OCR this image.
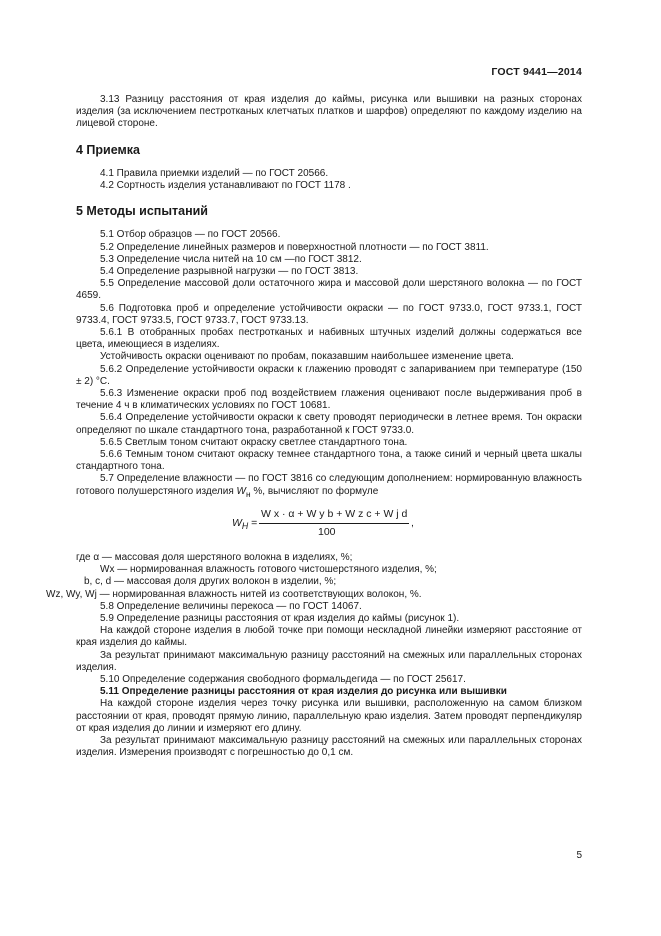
ГОСТ 9441—2014

3.13 Разницу расстояния от края изделия до каймы, рисунка или вышивки на разных сторонах изделия (за исключением пестротканых клетчатых платков и шарфов) определяют по каждому изделию на лицевой стороне.

4 Приемка

4.1 Правила приемки изделий — по ГОСТ 20566.

4.2 Сортность изделия устанавливают по ГОСТ 1178 .

5 Методы испытаний

5.1 Отбор образцов — по ГОСТ 20566.

5.2 Определение линейных размеров и поверхностной плотности — по ГОСТ 3811.

5.3 Определение числа нитей на 10 см —по ГОСТ 3812.

5.4 Определение разрывной нагрузки — по ГОСТ 3813.

5.5 Определение массовой доли остаточного жира и массовой доли шерстяного волокна — по ГОСТ 4659.

5.6 Подготовка проб и определение устойчивости окраски — по ГОСТ 9733.0, ГОСТ 9733.1, ГОСТ 9733.4, ГОСТ 9733.5, ГОСТ 9733.7, ГОСТ 9733.13.

5.6.1 В отобранных пробах пестротканых и набивных штучных изделий должны содержаться все цвета, имеющиеся в изделиях.

Устойчивость окраски оценивают по пробам, показавшим наибольшее изменение цвета.

5.6.2 Определение устойчивости окраски к глажению проводят с запариванием при температуре (150 ± 2) °С.

5.6.3 Изменение окраски проб под воздействием глажения оценивают после выдерживания проб в течение 4 ч в климатических условиях по ГОСТ 10681.

5.6.4 Определение устойчивости окраски к свету проводят периодически в летнее время. Тон окраски определяют по шкале стандартного тона, разработанной к ГОСТ 9733.0.

5.6.5 Светлым тоном считают окраску светлее стандартного тона.

5.6.6 Темным тоном считают окраску темнее стандартного тона, а также синий и черный цвета шкалы стандартного тона.

5.7 Определение влажности — по ГОСТ 3816 со следующим дополнением: нормированную влажность готового полушерстяного изделия $W_н$ %, вычисляют по формуле

$W_H$ =
W x · α + W y b + W z c + W j d
100
,

где α — массовая доля шерстяного волокна в изделиях, %;

Wх — нормированная влажность готового чистошерстяного изделия, %;

b, c, d — массовая доля других волокон в изделии, %;

Wz, Wy, Wj — нормированная влажность нитей из соответствующих волокон, %.

5.8 Определение величины перекоса — по ГОСТ 14067.

5.9 Определение разницы расстояния от края изделия до каймы (рисунок 1).

На каждой стороне изделия в любой точке при помощи нескладной линейки измеряют расстояние от края изделия до каймы.

За результат принимают максимальную разницу расстояний на смежных или параллельных сторонах изделия.

5.10 Определение содержания свободного формальдегида — по ГОСТ 25617.

5.11 Определение разницы расстояния от края изделия до рисунка или вышивки

На каждой стороне изделия через точку рисунка или вышивки, расположенную на самом близком расстоянии от края, проводят прямую линию, параллельную краю изделия. Затем проводят перпендикуляр от края изделия до линии и измеряют его длину.

За результат принимают максимальную разницу расстояний на смежных или параллельных сторонах изделия. Измерения производят с погрешностью до 0,1 см.

5
